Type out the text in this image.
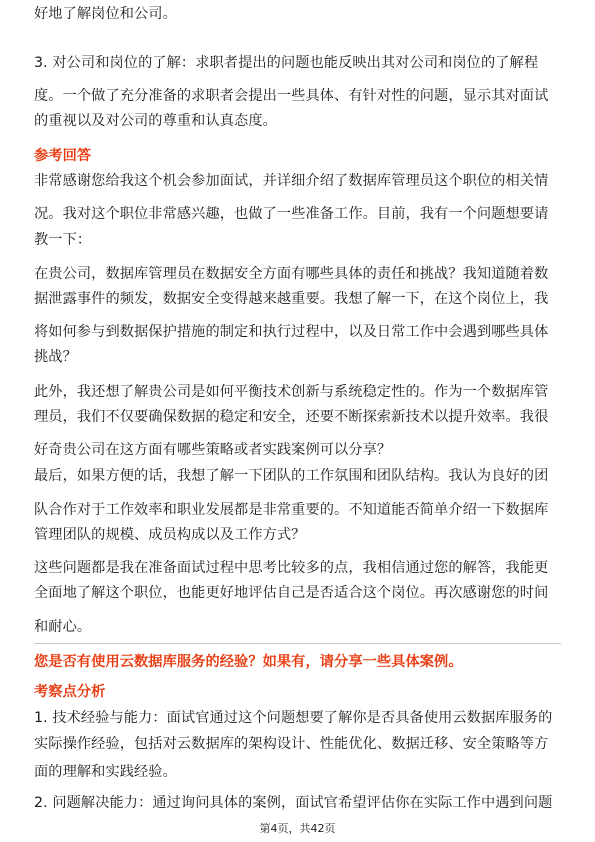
好地了解岗位和公司。
3. 对公司和岗位的了解：求职者提出的问题也能反映出其对公司和岗位的了解程
度。一个做了充分准备的求职者会提出一些具体、有针对性的问题，显示其对面试
的重视以及对公司的尊重和认真态度。
参考回答
非常感谢您给我这个机会参加面试，并详细介绍了数据库管理员这个职位的相关情
况。我对这个职位非常感兴趣，也做了一些准备工作。目前，我有一个问题想要请
教一下：
在贵公司，数据库管理员在数据安全方面有哪些具体的责任和挑战？我知道随着数
据泄露事件的频发，数据安全变得越来越重要。我想了解一下，在这个岗位上，我
将如何参与到数据保护措施的制定和执行过程中，以及日常工作中会遇到哪些具体
挑战？
此外，我还想了解贵公司是如何平衡技术创新与系统稳定性的。作为一个数据库管
理员，我们不仅要确保数据的稳定和安全，还要不断探索新技术以提升效率。我很
好奇贵公司在这方面有哪些策略或者实践案例可以分享？
最后，如果方便的话，我想了解一下团队的工作氛围和团队结构。我认为良好的团
队合作对于工作效率和职业发展都是非常重要的。不知道能否简单介绍一下数据库
管理团队的规模、成员构成以及工作方式？
这些问题都是我在准备面试过程中思考比较多的点，我相信通过您的解答，我能更
全面地了解这个职位，也能更好地评估自己是否适合这个岗位。再次感谢您的时间
和耐心。
您是否有使用云数据库服务的经验？如果有，请分享一些具体案例。
考察点分析
1. 技术经验与能力：面试官通过这个问题想要了解你是否具备使用云数据库服务的
实际操作经验，包括对云数据库的架构设计、性能优化、数据迁移、安全策略等方
面的理解和实践经验。
2. 问题解决能力：通过询问具体的案例，面试官希望评估你在实际工作中遇到问题
第4页，共42页
